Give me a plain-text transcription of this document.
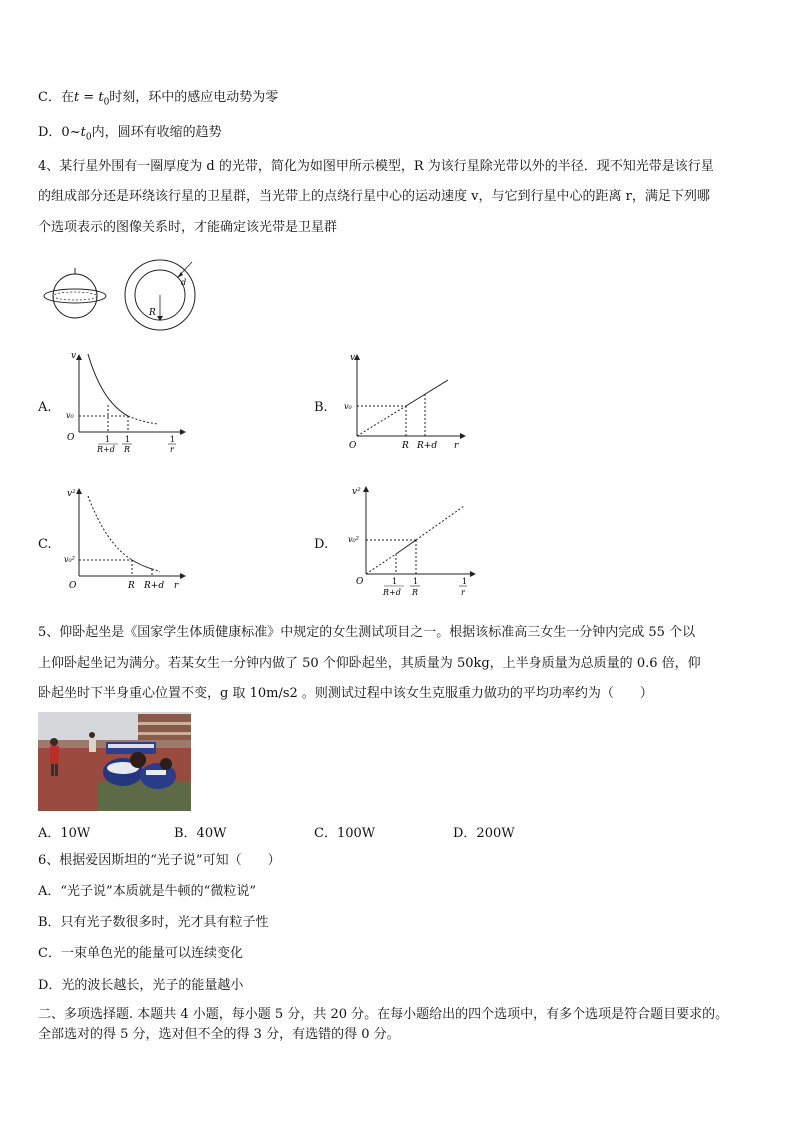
C．在$t = t_0$时刻，环中的感应电动势为零
D．$0\sim t_0$内，圆环有收缩的趋势
4、某行星外围有一圈厚度为 d 的光带，简化为如图甲所示模型，R 为该行星除光带以外的半径．现不知光带是该行星
的组成部分还是环绕该行星的卫星群，当光带上的点绕行星中心的运动速度 v，与它到行星中心的距离 r，满足下列哪
个选项表示的图像关系时，才能确定该光带是卫星群
R
d
A.
v
O
v₀
1
R+d
1
R
1
r
B.
v
O
v₀
R R+d r
C.
v²
O
v₀²
R R+d r
D.
v²
O
v₀²
1
R+d
1
R
1
r
5、仰卧起坐是《国家学生体质健康标准》中规定的女生测试项目之一。根据该标准高三女生一分钟内完成 55 个以
上仰卧起坐记为满分。若某女生一分钟内做了 50 个仰卧起坐，其质量为 50kg，上半身质量为总质量的 0.6 倍，仰
卧起坐时下半身重心位置不变，g 取 10m/s2 。则测试过程中该女生克服重力做功的平均功率约为（　　）
A．10W	B．40W	C．100W	D．200W
6、根据爱因斯坦的“光子说”可知（　　）
A．“光子说”本质就是牛顿的“微粒说”
B．只有光子数很多时，光才具有粒子性
C．一束单色光的能量可以连续变化
D．光的波长越长，光子的能量越小
二、多项选择题. 本题共 4 小题，每小题 5 分，共 20 分。在每小题给出的四个选项中，有多个选项是符合题目要求的。
全部选对的得 5 分，选对但不全的得 3 分，有选错的得 0 分。
